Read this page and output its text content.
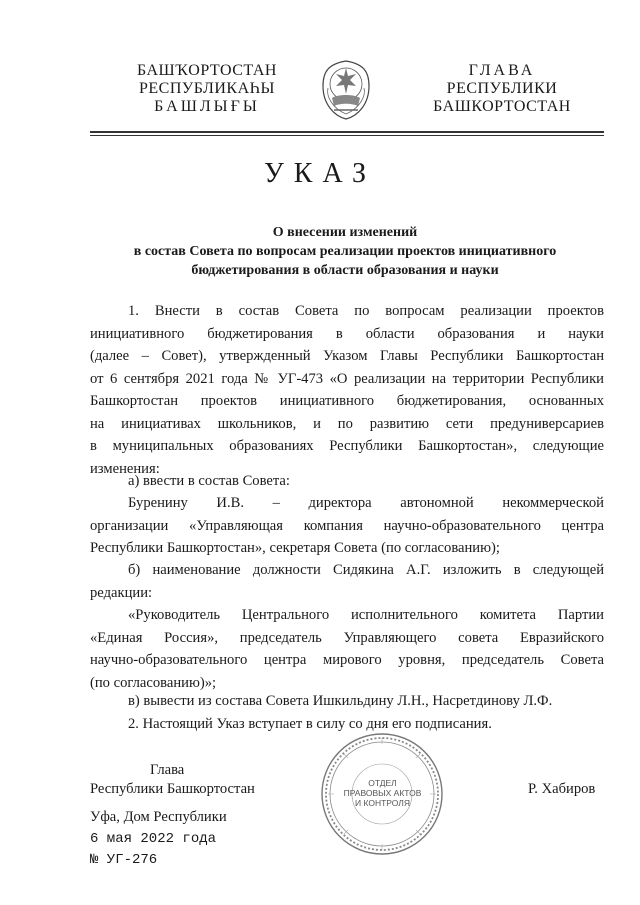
БАШҠОРТОСТАН
РЕСПУБЛИКАҺЫ
БАШЛЫҒЫ
ГЛАВА
РЕСПУБЛИКИ
БАШКОРТОСТАН
УКАЗ
О внесении изменений
в состав Совета по вопросам реализации проектов инициативного
бюджетирования в области образования и науки
1. Внести в состав Совета по вопросам реализации проектов
инициативного бюджетирования в области образования и науки
(далее – Совет), утвержденный Указом Главы Республики Башкортостан
от 6 сентября 2021 года № УГ-473 «О реализации на территории Республики
Башкортостан проектов инициативного бюджетирования, основанных
на инициативах школьников, и по развитию сети предуниверсариев
в муниципальных образованиях Республики Башкортостан», следующие
изменения:
а) ввести в состав Совета:
Буренину И.В. – директора автономной некоммерческой
организации «Управляющая компания научно-образовательного центра
Республики Башкортостан», секретаря Совета (по согласованию);
б) наименование должности Сидякина А.Г. изложить в следующей
редакции:
«Руководитель Центрального исполнительного комитета Партии
«Единая Россия», председатель Управляющего совета Евразийского
научно-образовательного центра мирового уровня, председатель Совета
(по согласованию)»;
в) вывести из состава Совета Ишкильдину Л.Н., Насретдинову Л.Ф.
2. Настоящий Указ вступает в силу со дня его подписания.
Глава
Республики Башкортостан	Р. Хабиров
ОТДЕЛ
ПРАВОВЫХ АКТОВ
И КОНТРОЛЯ
Уфа, Дом Республики
6 мая 2022 года
№ УГ-276
